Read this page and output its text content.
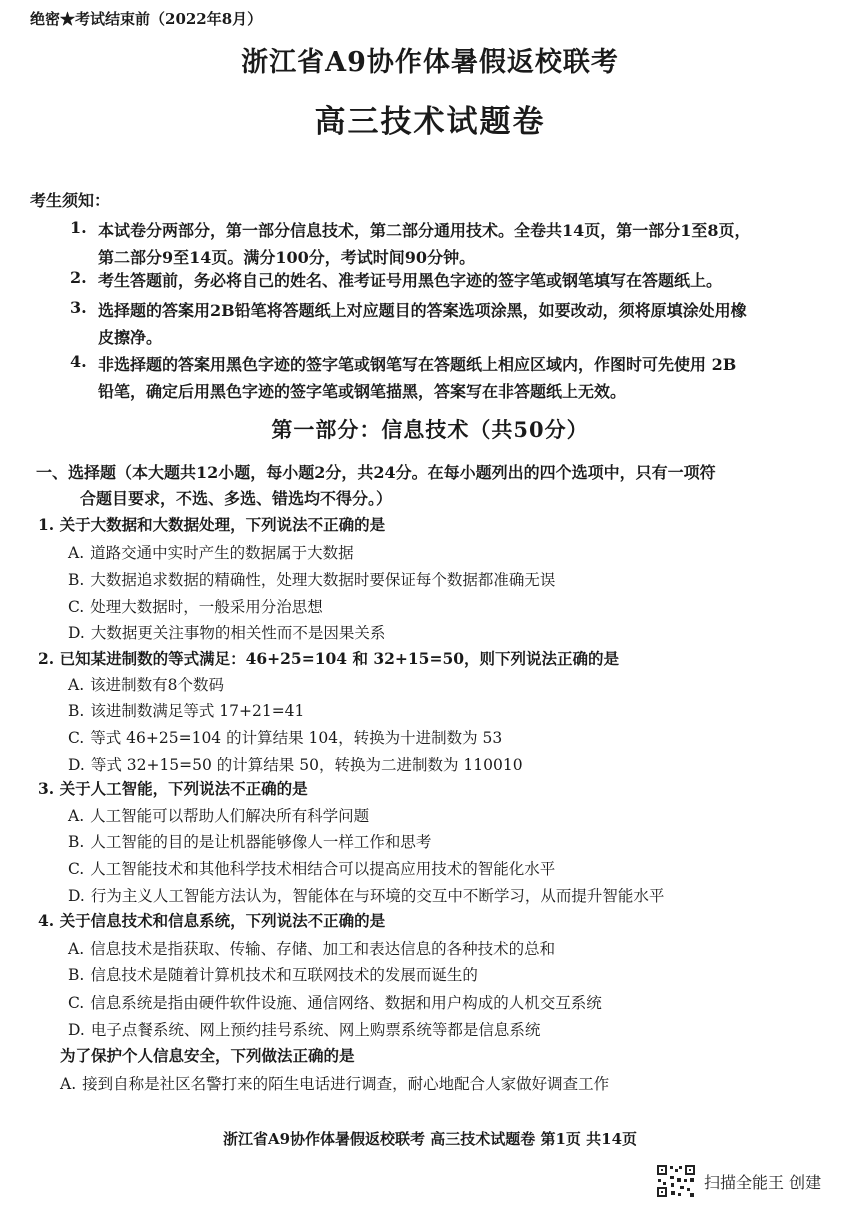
绝密★考试结束前（2022年8月）
浙江省A9协作体暑假返校联考
高三技术试题卷
考生须知：
1. 本试卷分两部分，第一部分信息技术，第二部分通用技术。全卷共14页，第一部分1至8页，
第二部分9至14页。满分100分，考试时间90分钟。
2. 考生答题前，务必将自己的姓名、准考证号用黑色字迹的签字笔或钢笔填写在答题纸上。
3. 选择题的答案用2B铅笔将答题纸上对应题目的答案选项涂黑，如要改动，须将原填涂处用橡
皮擦净。
4. 非选择题的答案用黑色字迹的签字笔或钢笔写在答题纸上相应区域内，作图时可先使用 2B
铅笔，确定后用黑色字迹的签字笔或钢笔描黑，答案写在非答题纸上无效。
第一部分：信息技术（共50分）
一、选择题（本大题共12小题，每小题2分，共24分。在每小题列出的四个选项中，只有一项符
合题目要求，不选、多选、错选均不得分。）
1. 关于大数据和大数据处理，下列说法不正确的是
A. 道路交通中实时产生的数据属于大数据
B. 大数据追求数据的精确性，处理大数据时要保证每个数据都准确无误
C. 处理大数据时，一般采用分治思想
D. 大数据更关注事物的相关性而不是因果关系
2. 已知某进制数的等式满足：46+25=104 和 32+15=50，则下列说法正确的是
A. 该进制数有8个数码
B. 该进制数满足等式 17+21=41
C. 等式 46+25=104 的计算结果 104，转换为十进制数为 53
D. 等式 32+15=50 的计算结果 50，转换为二进制数为 110010
3. 关于人工智能，下列说法不正确的是
A. 人工智能可以帮助人们解决所有科学问题
B. 人工智能的目的是让机器能够像人一样工作和思考
C. 人工智能技术和其他科学技术相结合可以提高应用技术的智能化水平
D. 行为主义人工智能方法认为，智能体在与环境的交互中不断学习，从而提升智能水平
4. 关于信息技术和信息系统，下列说法不正确的是
A. 信息技术是指获取、传输、存储、加工和表达信息的各种技术的总和
B. 信息技术是随着计算机技术和互联网技术的发展而诞生的
C. 信息系统是指由硬件软件设施、通信网络、数据和用户构成的人机交互系统
D. 电子点餐系统、网上预约挂号系统、网上购票系统等都是信息系统
为了保护个人信息安全，下列做法正确的是
A. 接到自称是社区名警打来的陌生电话进行调查，耐心地配合人家做好调查工作
浙江省A9协作体暑假返校联考 高三技术试题卷 第1页 共14页
扫描全能王 创建
